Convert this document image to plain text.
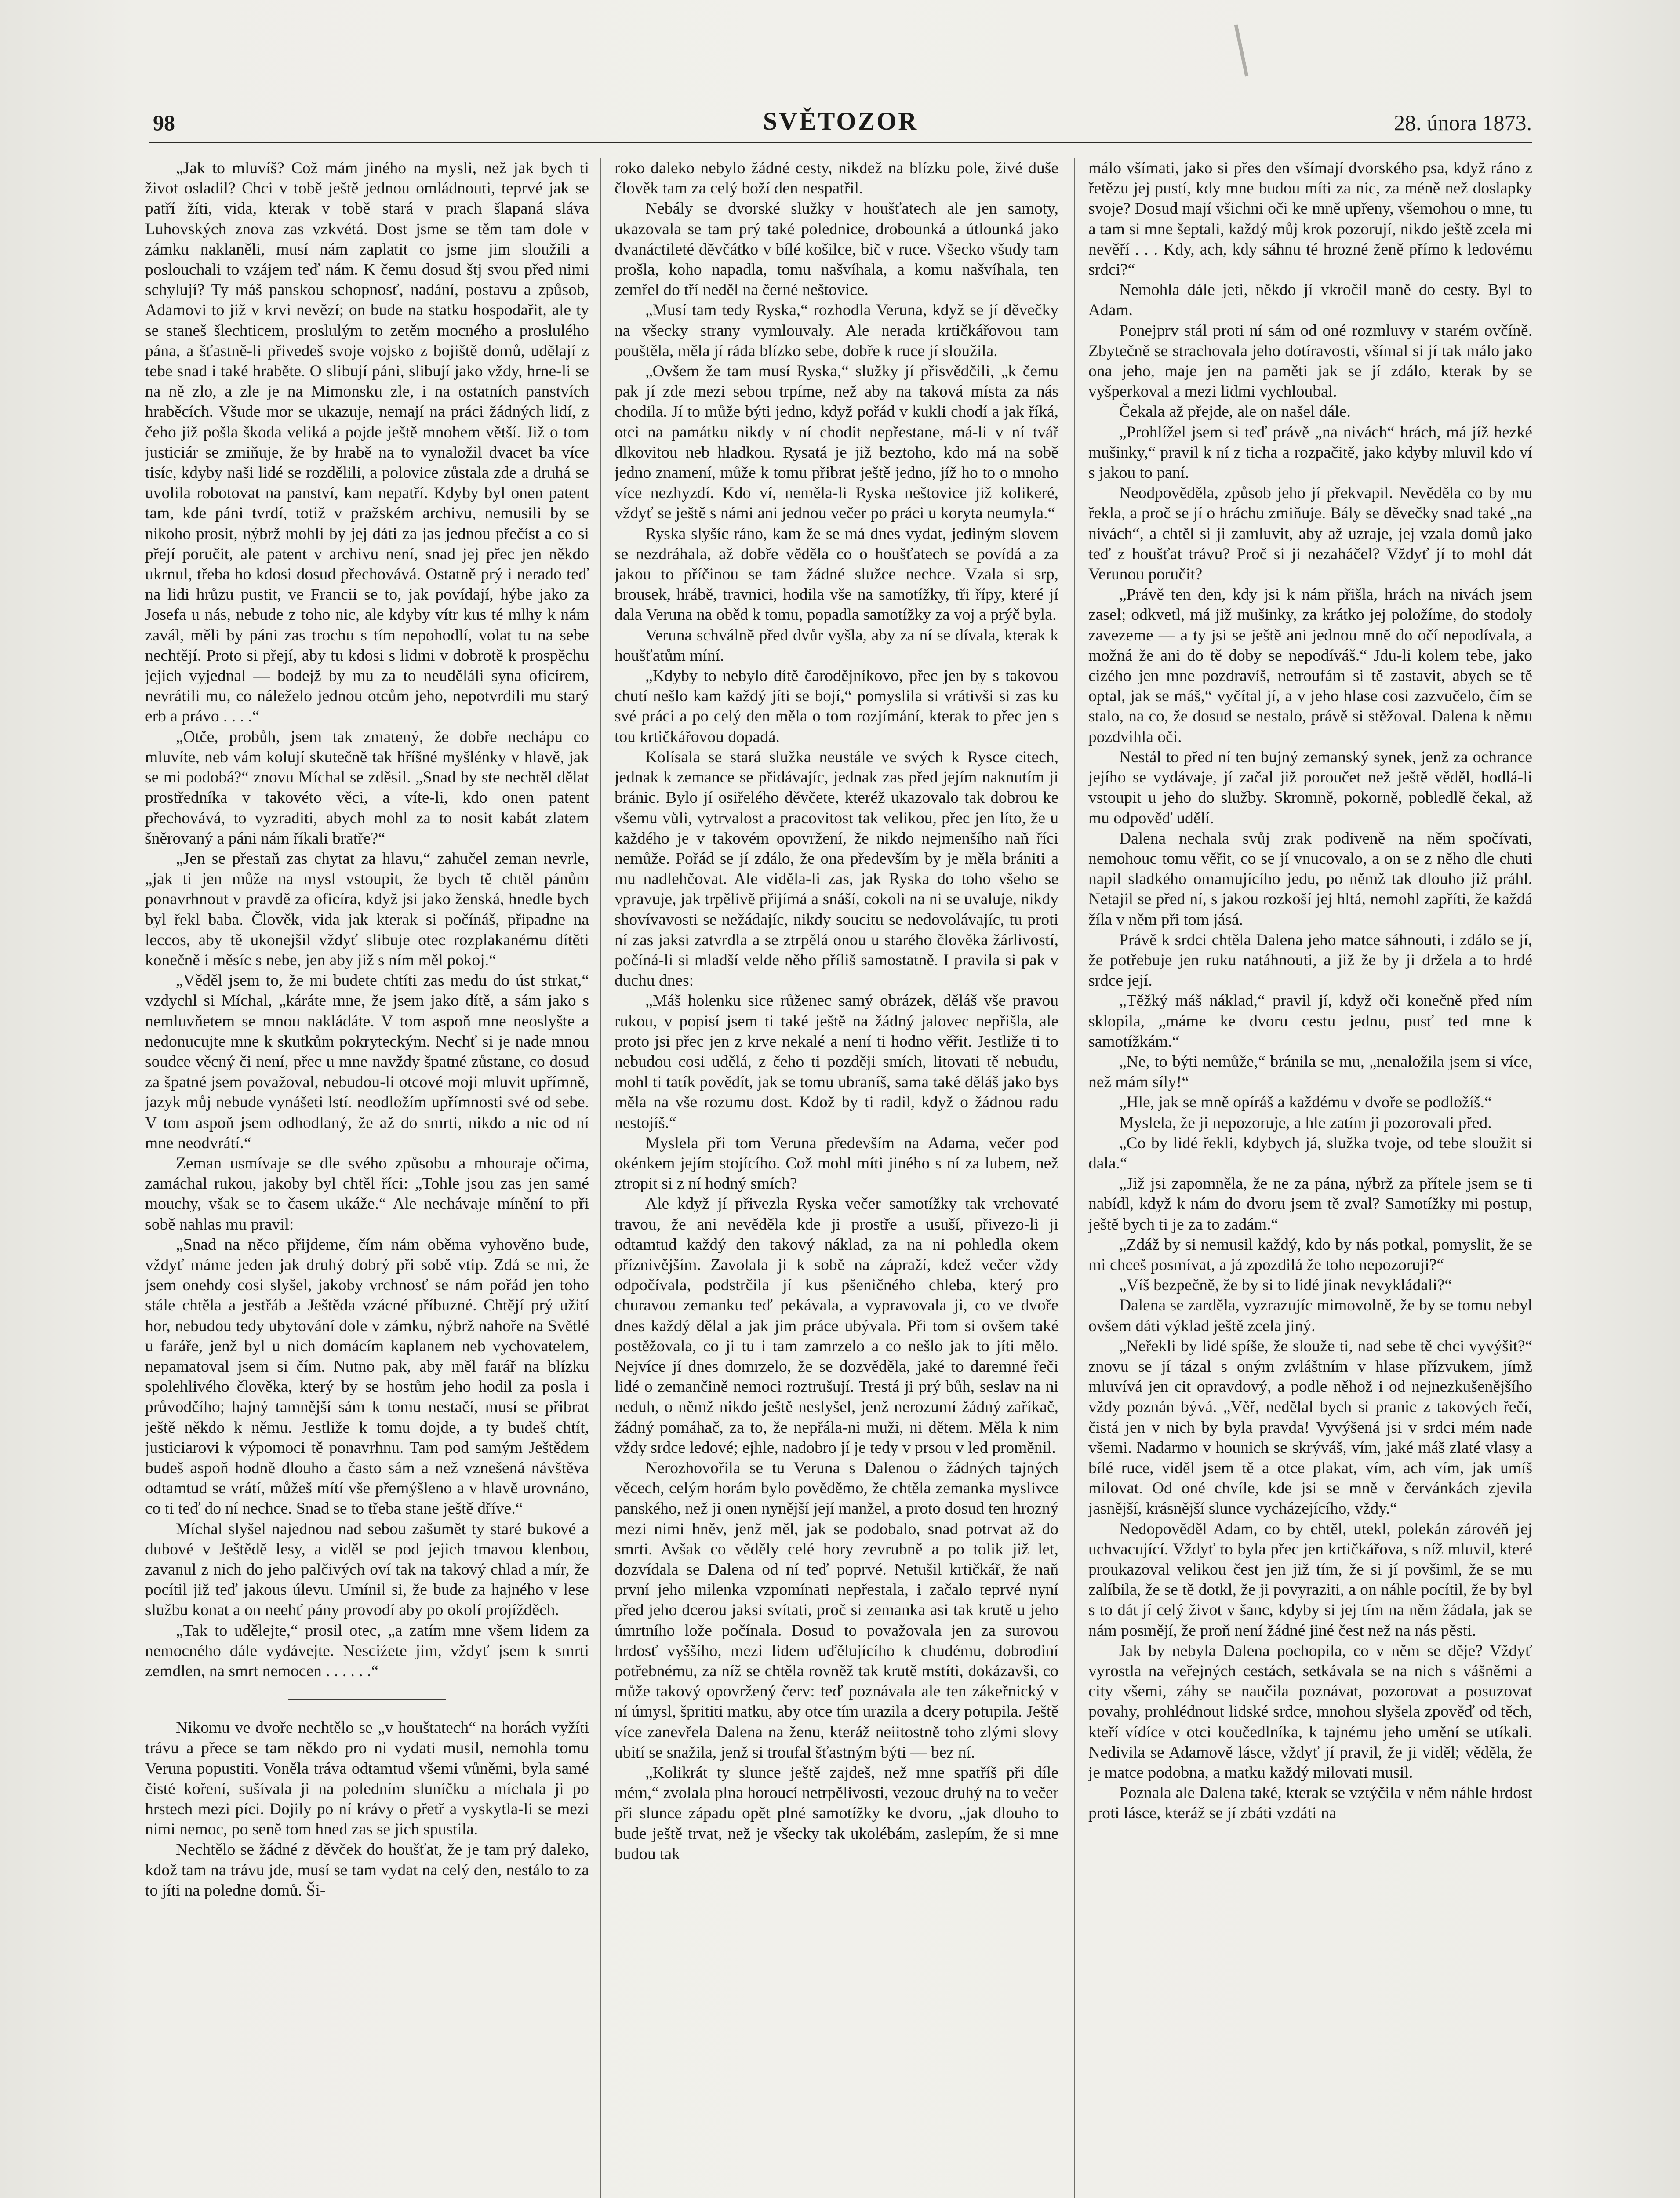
98	SVĚTOZOR	28. února 1873.

„Jak to mluvíš? Což mám jiného na mysli, než jak bych ti život osladil? Chci v tobě ještě jednou omládnouti, teprvé jak se patří žíti, vida, kterak v tobě stará v prach šlapaná sláva Luhovských znova zas vzkvétá. Dost jsme se těm tam dole v zámku naklaněli, musí nám zaplatit co jsme jim sloužili a poslouchali to vzájem teď nám. K čemu dosud štj svou před nimi schylují? Ty máš panskou schopnosť, nadání, postavu a způsob, Adamovi to již v krvi nevězí; on bude na statku hospodařit, ale ty se staneš šlechticem, proslulým to zetěm mocného a proslulého pána, a šťastně-li přivedeš svoje vojsko z bojiště domů, udělají z tebe snad i také hraběte. O slibují páni, slibují jako vždy, hrne-li se na ně zlo, a zle je na Mimonsku zle, i na ostatních panstvích hraběcích. Všude mor se ukazuje, nemají na práci žádných lidí, z čeho již pošla škoda veliká a pojde ještě mnohem větší. Již o tom justiciár se zmiňuje, že by hrabě na to vynaložil dvacet ba více tisíc, kdyby naši lidé se rozdělili, a polovice zůstala zde a druhá se uvolila robotovat na panství, kam nepatří. Kdyby byl onen patent tam, kde páni tvrdí, totiž v pražském archivu, nemusili by se nikoho prosit, nýbrž mohli by jej dáti za jas jednou přečíst a co si přejí poručit, ale patent v archivu není, snad jej přec jen někdo ukrnul, třeba ho kdosi dosud přechovává. Ostatně prý i nerado teď na lidi hrůzu pustit, ve Francii se to, jak povídají, hýbe jako za Josefa u nás, nebude z toho nic, ale kdyby vítr kus té mlhy k nám zavál, měli by páni zas trochu s tím nepohodlí, volat tu na sebe nechtějí. Proto si přejí, aby tu kdosi s lidmi v dobrotě k prospěchu jejich vyjednal — bodejž by mu za to neuděláli syna oficírem, nevrátili mu, co náleželo jednou otcům jeho, nepotvrdili mu starý erb a právo . . . .“

„Otče, probůh, jsem tak zmatený, že dobře nechápu co mluvíte, neb vám kolují skutečně tak hříšné myšlénky v hlavě, jak se mi podobá?“ znovu Míchal se zděsil. „Snad by ste nechtěl dělat prostředníka v takovéto věci, a víte-li, kdo onen patent přechovává, to vyzraditi, abych mohl za to nosit kabát zlatem šněrovaný a páni nám říkali bratře?“

„Jen se přestaň zas chytat za hlavu,“ zahučel zeman nevrle, „jak ti jen může na mysl vstoupit, že bych tě chtěl pánům ponavrhnout v pravdě za oficíra, když jsi jako ženská, hnedle bych byl řekl baba. Člověk, vida jak kterak si počínáš, připadne na leccos, aby tě ukonejšil vždyť slibuje otec rozplakanému dítěti konečně i měsíc s nebe, jen aby již s ním měl pokoj.“

„Věděl jsem to, že mi budete chtíti zas medu do úst strkat,“ vzdychl si Míchal, „káráte mne, že jsem jako dítě, a sám jako s nemluvňetem se mnou nakládáte. V tom aspoň mne neoslyšte a nedonucujte mne k skutkům pokryteckým. Nechť si je nade mnou soudce věcný či není, přec u mne navždy špatné zůstane, co dosud za špatné jsem považoval, nebudou-li otcové moji mluvit upřímně, jazyk můj nebude vynášeti lstí. neodložím upřímnosti své od sebe. V tom aspoň jsem odhodlaný, že až do smrti, nikdo a nic od ní mne neodvrátí.“

Zeman usmívaje se dle svého způsobu a mhouraje očima, zamáchal rukou, jakoby byl chtěl říci: „Tohle jsou zas jen samé mouchy, však se to časem ukáže.“ Ale nechávaje mínění to při sobě nahlas mu pravil:

„Snad na něco přijdeme, čím nám oběma vyhověno bude, vždyť máme jeden jak druhý dobrý při sobě vtip. Zdá se mi, že jsem onehdy cosi slyšel, jakoby vrchnosť se nám pořád jen toho stále chtěla a jestřáb a Ještěda vzácné příbuzné. Chtějí prý užití hor, nebudou tedy ubytování dole v zámku, nýbrž nahoře na Světlé u faráře, jenž byl u nich domácím kaplanem neb vychovatelem, nepamatoval jsem si čím. Nutno pak, aby měl farář na blízku spolehlivého člověka, který by se hostům jeho hodil za posla i průvodčího; hajný tamnější sám k tomu nestačí, musí se přibrat ještě někdo k němu. Jestliže k tomu dojde, a ty budeš chtít, justiciarovi k výpomoci tě ponavrhnu. Tam pod samým Ještědem budeš aspoň hodně dlouho a často sám a než vznešená návštěva odtamtud se vrátí, můžeš mítí vše přemýšleno a v hlavě urovnáno, co ti teď do ní nechce. Snad se to třeba stane ještě dříve.“

Míchal slyšel najednou nad sebou zašumět ty staré bukové a dubové v Ještědě lesy, a viděl se pod jejich tmavou klenbou, zavanul z nich do jeho palčivých oví tak na takový chlad a mír, že pocítil již teď jakous úlevu. Umínil si, že bude za hajného v lese službu konat a on neehť pány provodí aby po okolí projížděch.

„Tak to udělejte,“ prosil otec, „a zatím mne všem lidem za nemocného dále vydávejte. Nesciźete jim, vždyť jsem k smrti zemdlen, na smrt nemocen . . . . . .“

Nikomu ve dvoře nechtělo se „v houštatech“ na horách vyžíti trávu a přece se tam někdo pro ni vydati musil, nemohla tomu Veruna popustiti. Voněla tráva odtamtud všemi vůněmi, byla samé čisté koření, sušívala ji na poledním sluníčku a míchala ji po hrstech mezi píci. Dojily po ní krávy o přetř a vyskytla-li se mezi nimi nemoc, po seně tom hned zas se jich spustila.

Nechtělo se žádné z děvček do houšťat, že je tam prý daleko, kdož tam na trávu jde, musí se tam vydat na celý den, nestálo to za to jíti na poledne domů. Ši-

roko daleko nebylo žádné cesty, nikdež na blízku pole, živé duše člověk tam za celý boží den nespatřil.

Nebály se dvorské služky v houšťatech ale jen samoty, ukazovala se tam prý také polednice, drobounká a útlounká jako dvanáctileté děvčátko v bílé košilce, bič v ruce. Všecko všudy tam prošla, koho napadla, tomu našvíhala, a komu našvíhala, ten zemřel do tří neděl na černé neštovice.

„Musí tam tedy Ryska,“ rozhodla Veruna, když se jí děvečky na všecky strany vymlouvaly. Ale neradа krtičkářovou tam pouštěla, měla jí ráda blízko sebe, dobře k ruce jí sloužila.

„Ovšem že tam musí Ryska,“ služky jí přisvědčili, „k čemu pak jí zde mezi sebou trpíme, než aby na taková místa za nás chodila. Jí to může býti jedno, když pořád v kukli chodí a jak říká, otci na památku nikdy v ní chodit nepřestane, má-li v ní tvář dlkovitou neb hladkou. Rysatá je již beztoho, kdo má na sobě jedno znamení, může k tomu přibrat ještě jedno, jíž ho to o mnoho více nezhyzdí. Kdo ví, neměla-li Ryska neštovice již kolikeré, vždyť se ještě s námi ani jednou večer po práci u koryta neumyla.“

Ryska slyšíc ráno, kam že se má dnes vydat, jediným slovem se nezdráhala, až dobře věděla co o houšťatech se povídá a za jakou to příčinou se tam žádné služce nechce. Vzala si srp, brousek, hrábě, travnici, hodila vše na samotížky, tři řípy, které jí dala Veruna na oběd k tomu, popadla samotížky za voj a prýč byla.

Veruna schválně před dvůr vyšla, aby za ní se dívala, kterak k houšťatům míní.

„Kdyby to nebylo dítě čarodějníkovo, přec jen by s takovou chutí nešlo kam každý jíti se bojí,“ pomyslila si vrátivši si zas ku své práci a po celý den měla o tom rozjímání, kterak to přec jen s tou krtičkářovou dopadá.

Kolísala se stará služka neustále ve svých k Rysce citech, jednak k zemance se přidávajíc, jednak zas před jejím naknutím ji bránic. Bylo jí osiřelého děvčete, kteréž ukazovalo tak dobrou ke všemu vůli, vytrvalost a pracovitost tak velikou, přec jen líto, že u každého je v takovém opovržení, že nikdo nejmenšího naň říci nemůže. Pořád se jí zdálo, že ona především by je měla brániti a mu nadlehčovat. Ale viděla-li zas, jak Ryska do toho všeho se vpravuje, jak trpělivě přijímá a snáší, cokoli na ni se uvaluje, nikdy shovívavosti se nežádajíc, nikdy soucitu se nedovolávajíc, tu proti ní zas jaksi zatvrdla a se ztrpělá onou u starého člověka žárlivostí, počíná-li si mladší velde něho příliš samostatně. I pravila si pak v duchu dnes:

„Máš holenku sice růženec samý obrázek, děláš vše pravou rukou, v popisí jsem ti také ještě na žádný jalovec nepřišla, ale proto jsi přec jen z krve nekalé a není ti hodno věřit. Jestliže ti to nebudou cosi udělá, z čeho ti později smích, litovati tě nebudu, mohl ti tatík povědít, jak se tomu ubraníš, sama také děláš jako bys měla na vše rozumu dost. Kdož by ti radil, když o žádnou radu nestojíš.“

Myslela při tom Veruna především na Adama, večer pod okénkem jejím stojícího. Což mohl míti jiného s ní za lubem, než ztropit si z ní hodný smích?

Ale když jí přivezla Ryska večer samotížky tak vrchovaté travou, že ani nevěděla kde ji prostře a usuší, přivezo-li ji odtamtud každý den takový náklad, za na ni pohledla okem příznivějším. Zavolala ji k sobě na zápraží, kdež večer vždy odpočívala, podstrčila jí kus pšeničného chleba, který pro churavou zemanku teď pekávala, a vypravovala ji, co ve dvoře dnes každý dělal a jak jim práce ubývala. Při tom si ovšem také postěžovala, co ji tu i tam zamrzelo a co nešlo jak to jíti mělo. Nejvíce jí dnes domrzelo, že se dozvěděla, jaké to daremné řeči lidé o zemančině nemoci roztrušují. Trestá ji prý bůh, seslav na ni neduh, o němž nikdo ještě neslyšel, jenž nerozumí žádný zaříkač, žádný pomáhač, za to, že nepřála-ni muži, ni dětem. Měla k nim vždy srdce ledové; ejhle, nadobro jí je tedy v prsou v led proměnil.

Nerozhovořila se tu Veruna s Dalenou o žádných tajných věcech, celým horám bylo pověděmo, že chtěla zemanka myslivce panského, než ji onen nynější její manžel, a proto dosud ten hrozný mezi nimi hněv, jenž měl, jak se podobalo, snad potrvat až do smrti. Avšak co věděly celé hory zevrubně a po tolik již let, dozvídala se Dalena od ní teď poprvé. Netušil krtičkář, že naň první jeho milenka vzpomínati nepřestala, i začalo teprvé nyní před jeho dcerou jaksi svítati, proč si zemanka asi tak krutě u jeho úmrtního lože počínala. Dosud to považovala jen za surovou hrdosť vyššího, mezi lidem uďělujícího k chudému, dobrodiní potřebnému, za níž se chtěla rovněž tak krutě mstíti, dokázavši, co může takový opovržený červ: teď poznávala ale ten zákeřnický v ní úmysl, šprititi matku, aby otce tím urazila a dcery potupila. Ještě více zanevřela Dalena na ženu, kteráž neiitostně toho zlými slovy ubití se snažila, jenž si troufal šťastným býti — bez ní.

„Kolikrát ty slunce ještě zajdeš, než mne spatříš při díle mém,“ zvolala plna horoucí netrpělivosti, vezouc druhý na to večer při slunce západu opět plné samotížky ke dvoru, „jak dlouho to bude ještě trvat, než je všecky tak ukolébám, zaslepím, že si mne budou tak

málo všímati, jako si přes den všímají dvorského psa, když ráno z řetězu jej pustí, kdy mne budou míti za nic, za méně než doslapky svoje? Dosud mají všichni oči ke mně upřeny, všemohou o mne, tu a tam si mne šeptali, každý můj krok pozorují, nikdo ještě zcela mi nevěří . . . Kdy, ach, kdy sáhnu té hrozné ženě přímo k ledovému srdci?“

Nemohla dále jeti, někdo jí vkročil maně do cesty. Byl to Adam.

Ponejprv stál proti ní sám od oné rozmluvy v starém ovčíně. Zbytečně se strachovala jeho dotíravosti, všímal si jí tak málo jako ona jeho, maje jen na paměti jak se jí zdálo, kterak by se vyšperkoval a mezi lidmi vychloubal.

Čekala až přejde, ale on našel dále.

„Prohlížel jsem si teď právě „na nivách“ hrách, má jíž hezké mušinky,“ pravil k ní z ticha a rozpačitě, jako kdyby mluvil kdo ví s jakou to paní.

Neodpověděla, způsob jeho jí překvapil. Nevěděla co by mu řekla, a proč se jí o hráchu zmiňuje. Bály se děvečky snad také „na nivách“, a chtěl si ji zamluvit, aby až uzraje, jej vzala domů jako teď z houšťat trávu? Proč si ji nezaháčel? Vždyť jí to mohl dát Verunou poručit?

„Právě ten den, kdy jsi k nám přišla, hrách na nivách jsem zasel; odkvetl, má již mušinky, za krátko jej položíme, do stodoly zavezeme — a ty jsi se ještě ani jednou mně do očí nepodívala, a možná že ani do tě doby se nepodíváš.“ Jdu-li kolem tebe, jako cizého jen mne pozdravíš, netroufám si tě zastavit, abych se tě optal, jak se máš,“ vyčítal jí, a v jeho hlase cosi zazvučelo, čím se stalo, na co, že dosud se nestalo, právě si stěžoval. Dalena k němu pozdvihla oči.

Nestál to před ní ten bujný zemanský synek, jenž za ochrance jejího se vydávaje, jí začal již poroučet než ještě věděl, hodlá-li vstoupit u jeho do služby. Skromně, pokorně, pobledlě čekal, až mu odpověď udělí.

Dalena nechala svůj zrak podiveně na něm spočívati, nemohouc tomu věřit, co se jí vnucovalo, a on se z něho dle chuti napil sladkého omamujícího jedu, po němž tak dlouho již práhl. Netajil se před ní, s jakou rozkoší jej hltá, nemohl zapříti, že každá žíla v něm při tom jásá.

Právě k srdci chtěla Dalena jeho matce sáhnouti, i zdálo se jí, že potřebuje jen ruku natáhnouti, a již že by ji držela a to hrdé srdce její.

„Těžký máš náklad,“ pravil jí, když oči konečně před ním sklopila, „máme ke dvoru cestu jednu, pusť ted mne k samotížkám.“

„Ne, to býti nemůže,“ bránila se mu, „nenaložila jsem si více, než mám síly!“

„Hle, jak se mně opíráš a každému v dvoře se podložíš.“

Myslela, že ji nepozoruje, a hle zatím ji pozorovali před.

„Co by lidé řekli, kdybych já, služka tvoje, od tebe sloužit si dala.“

„Již jsi zapomněla, že ne za pána, nýbrž za přítele jsem se ti nabídl, když k nám do dvoru jsem tě zval? Samotížky mi postup, ještě bych ti je za to zadám.“

„Zdáž by si nemusil každý, kdo by nás potkal, pomyslit, že se mi chceš posmívat, a já zpozdilá že toho nepozoruji?“

„Víš bezpečně, že by si to lidé jinak nevykládali?“

Dalena se zarděla, vyzrazujíc mimovolně, že by se tomu nebyl ovšem dáti výklad ještě zcela jiný.

„Neřekli by lidé spíše, že slouže ti, nad sebe tě chci vyvýšit?“ znovu se jí tázal s oným zvláštním v hlase přízvukem, jímž mluvívá jen cit opravdový, a podle něhož i od nejnezkušenějšího vždy poznán bývá. „Věř, nedělal bych si pranic z takových řečí, čistá jen v nich by byla pravda! Vyvýšená jsi v srdci mém nade všemi. Nadarmo v hounich se skrýváš, vím, jaké máš zlaté vlasy a bílé ruce, viděl jsem tě a otce plakat, vím, ach vím, jak umíš milovat. Od oné chvíle, kde jsi se mně v červánkách zjevila jasnější, krásnější slunce vycházejícího, vždy.“

Nedopověděl Adam, co by chtěl, utekl, polekán zárovéň jej uchvacující. Vždyť to byla přec jen krtičkářova, s níž mluvil, které proukazoval velikou čest jen již tím, že si jí povšiml, že se mu zalíbila, že se tě dotkl, že ji povyraziti, a on náhle pocítil, že by byl s to dát jí celý život v šanc, kdyby si jej tím na něm žádala, jak se nám posmějí, že proň není žádné jiné čest než na nás pěsti.

Jak by nebyla Dalena pochopila, co v něm se děje? Vždyť vyrostla na veřejných cestách, setkávala se na nich s vášněmi a city všemi, záhy se naučila poznávat, pozorovat a posuzovat povahy, prohlédnout lidské srdce, mnohou slyšela zpověď od těch, kteří vídíce v otci koučedlníka, k tajnému jeho umění se utíkali. Nedivila se Adamově lásce, vždyť jí pravil, že ji viděl; věděla, že je matce podobna, a matku každý milovati musil.

Poznala ale Dalena také, kterak se vztýčila v něm náhle hrdost proti lásce, kteráž se jí zbáti vzdáti na
